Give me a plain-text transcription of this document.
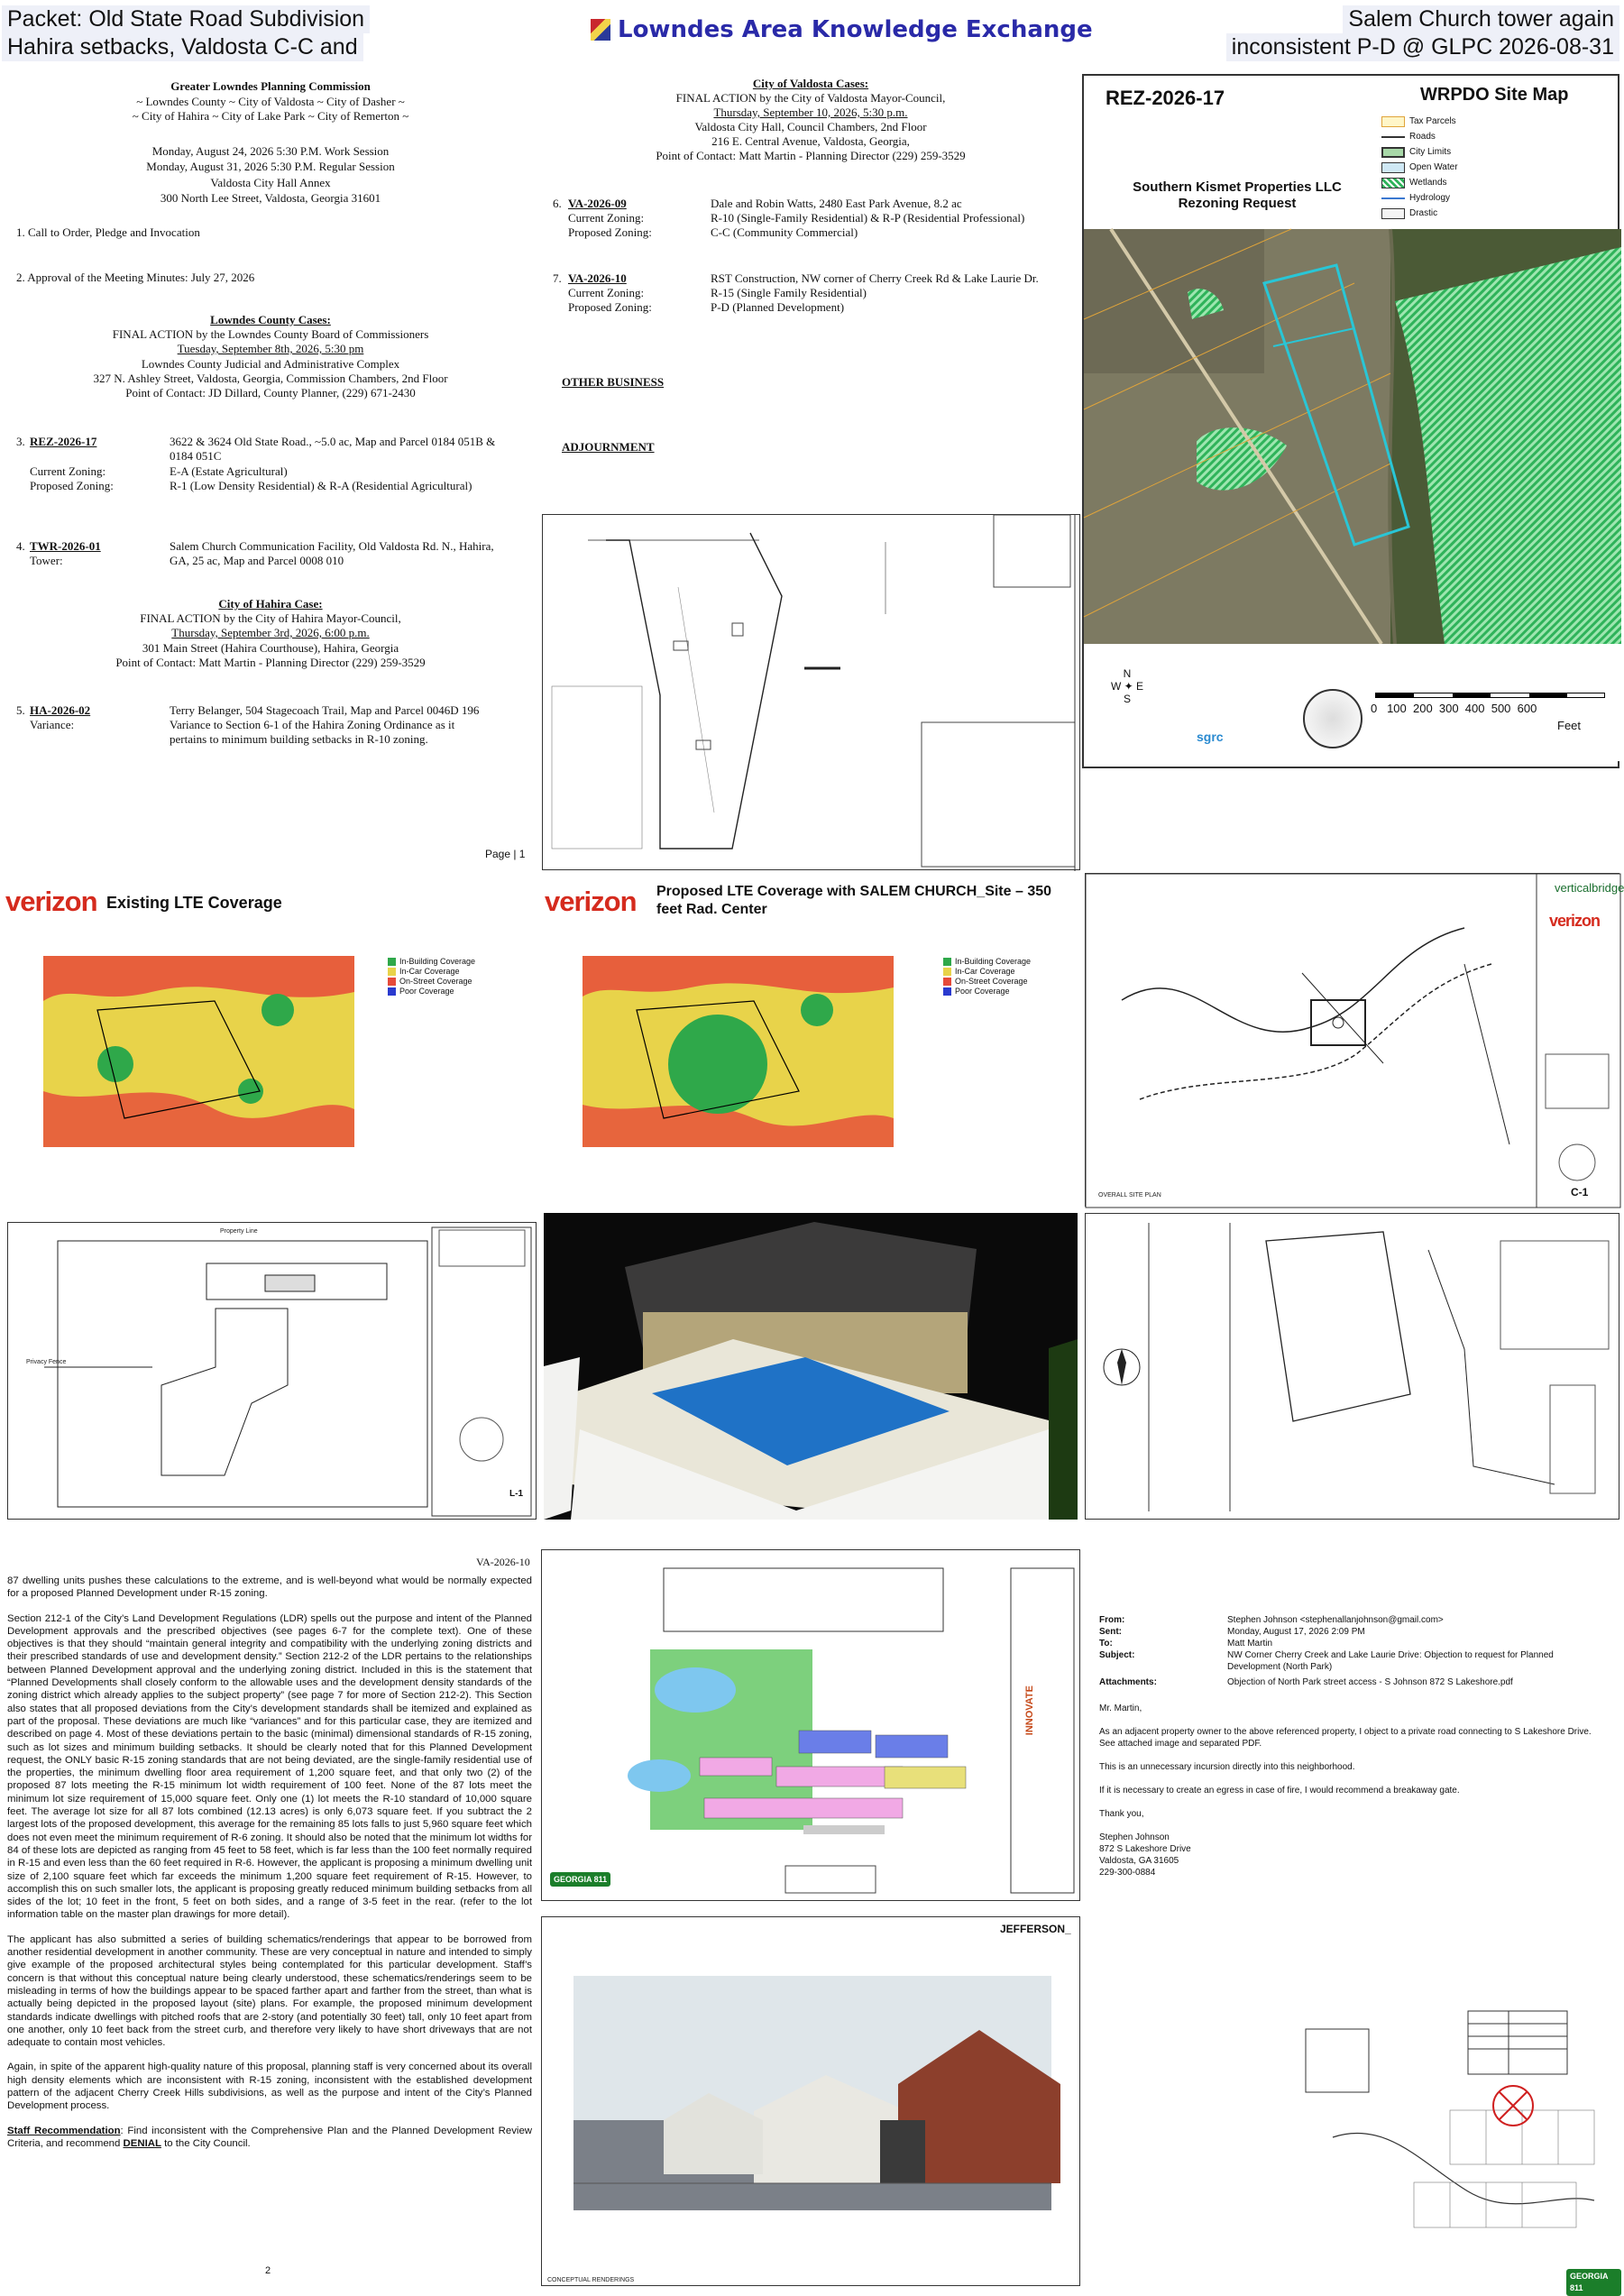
Packet: Old State Road Subdivision
Hahira setbacks, Valdosta C-C and
Lowndes Area Knowledge Exchange	Salem Church tower again
inconsistent P-D @ GLPC 2026-08-31
Greater Lowndes Planning Commission
~ Lowndes County ~ City of Valdosta ~ City of Dasher ~
~ City of Hahira ~ City of Lake Park ~ City of Remerton ~
Monday, August 24, 2026 5:30 P.M. Work Session
Monday, August 31, 2026 5:30 P.M. Regular Session
Valdosta City Hall Annex
300 North Lee Street, Valdosta, Georgia 31601
1. Call to Order, Pledge and Invocation
2. Approval of the Meeting Minutes: July 27, 2026
Lowndes County Cases:
FINAL ACTION by the Lowndes County Board of Commissioners
Tuesday, September 8th, 2026, 5:30 pm
Lowndes County Judicial and Administrative Complex
327 N. Ashley Street, Valdosta, Georgia, Commission Chambers, 2nd Floor
Point of Contact: JD Dillard, County Planner, (229) 671-2430
3. REZ-2026-17	3622 & 3624 Old State Road., ~5.0 ac, Map and Parcel 0184 051B &
0184 051C
Current Zoning:	E-A (Estate Agricultural)
Proposed Zoning:	R-1 (Low Density Residential) & R-A (Residential Agricultural)
4. TWR-2026-01	Salem Church Communication Facility, Old Valdosta Rd. N., Hahira,
Tower:	GA, 25 ac, Map and Parcel 0008 010
City of Hahira Case:
FINAL ACTION by the City of Hahira Mayor-Council,
Thursday, September 3rd, 2026, 6:00 p.m.
301 Main Street (Hahira Courthouse), Hahira, Georgia
Point of Contact: Matt Martin - Planning Director (229) 259-3529
5. HA-2026-02	Terry Belanger, 504 Stagecoach Trail, Map and Parcel 0046D 196
Variance:	Variance to Section 6-1 of the Hahira Zoning Ordinance as it
pertains to minimum building setbacks in R-10 zoning.
Page | 1
City of Valdosta Cases:
FINAL ACTION by the City of Valdosta Mayor-Council,
Thursday, September 10, 2026, 5:30 p.m.
Valdosta City Hall, Council Chambers, 2nd Floor
216 E. Central Avenue, Valdosta, Georgia,
Point of Contact: Matt Martin - Planning Director (229) 259-3529
6. VA-2026-09	Dale and Robin Watts, 2480 East Park Avenue, 8.2 ac
Current Zoning:	R-10 (Single-Family Residential) & R-P (Residential Professional)
Proposed Zoning:	C-C (Community Commercial)
7. VA-2026-10	RST Construction, NW corner of Cherry Creek Rd & Lake Laurie Dr.
Current Zoning:	R-15 (Single Family Residential)
Proposed Zoning:	P-D (Planned Development)
OTHER BUSINESS
ADJOURNMENT
REZ-2026-17	WRPDO Site Map
Southern Kismet Properties LLC
Rezoning Request
Tax Parcels
Roads
City Limits
Open Water
Wetlands
Hydrology
Drastic
N
W ✦ E
S
sgrc
0   100  200  300  400  500  600
Feet
verizon Existing LTE Coverage
In-Building Coverage
In-Car Coverage
On-Street Coverage
Poor Coverage
verizon Proposed LTE Coverage with SALEM CHURCH_Site – 350
feet Rad. Center
In-Building Coverage
In-Car Coverage
On-Street Coverage
Poor Coverage
verticalbridge
verizon
OVERALL SITE PLAN	C-1
Property Line
Privacy Fence
L-1
VA-2026-10

87 dwelling units pushes these calculations to the extreme, and is well-beyond what would be normally expected for a proposed Planned Development under R-15 zoning.

Section 212-1 of the City’s Land Development Regulations (LDR) spells out the purpose and intent of the Planned Development approvals and the prescribed objectives (see pages 6-7 for the complete text). One of these objectives is that they should “maintain general integrity and compatibility with the underlying zoning districts and their prescribed standards of use and development density.” Section 212-2 of the LDR pertains to the relationships between Planned Development approval and the underlying zoning district. Included in this is the statement that “Planned Developments shall closely conform to the allowable uses and the development density standards of the zoning district which already applies to the subject property” (see page 7 for more of Section 212-2). This Section also states that all proposed deviations from the City’s development standards shall be itemized and explained as part of the proposal. These deviations are much like “variances” and for this particular case, they are itemized and described on page 4. Most of these deviations pertain to the basic (minimal) dimensional standards of R-15 zoning, such as lot sizes and minimum building setbacks. It should be clearly noted that for this Planned Development request, the ONLY basic R-15 zoning standards that are not being deviated, are the single-family residential use of the properties, the minimum dwelling floor area requirement of 1,200 square feet, and that only two (2) of the proposed 87 lots meeting the R-15 minimum lot width requirement of 100 feet. None of the 87 lots meet the minimum lot size requirement of 15,000 square feet. Only one (1) lot meets the R-10 standard of 10,000 square feet. The average lot size for all 87 lots combined (12.13 acres) is only 6,073 square feet. If you subtract the 2 largest lots of the proposed development, this average for the remaining 85 lots falls to just 5,960 square feet which does not even meet the minimum requirement of R-6 zoning. It should also be noted that the minimum lot widths for 84 of these lots are depicted as ranging from 45 feet to 58 feet, which is far less than the 100 feet normally required in R-15 and even less than the 60 feet required in R-6. However, the applicant is proposing a minimum dwelling unit size of 2,100 square feet which far exceeds the minimum 1,200 square feet requirement of R-15. However, to accomplish this on such smaller lots, the applicant is proposing greatly reduced minimum building setbacks from all sides of the lot; 10 feet in the front, 5 feet on both sides, and a range of 3-5 feet in the rear. (refer to the lot information table on the master plan drawings for more detail).

The applicant has also submitted a series of building schematics/renderings that appear to be borrowed from another residential development in another community. These are very conceptual in nature and intended to simply give example of the proposed architectural styles being contemplated for this particular development. Staff’s concern is that without this conceptual nature being clearly understood, these schematics/renderings seem to be misleading in terms of how the buildings appear to be spaced farther apart and farther from the street, than what is actually being depicted in the proposed layout (site) plans. For example, the proposed minimum development standards indicate dwellings with pitched roofs that are 2-story (and potentially 30 feet) tall, only 10 feet apart from one another, only 10 feet back from the street curb, and therefore very likely to have short driveways that are not adequate to contain most vehicles.

Again, in spite of the apparent high-quality nature of this proposal, planning staff is very concerned about its overall high density elements which are inconsistent with R-15 zoning, inconsistent with the established development pattern of the adjacent Cherry Creek Hills subdivisions, as well as the purpose and intent of the City’s Planned Development process.

Staff Recommendation: Find inconsistent with the Comprehensive Plan and the Planned Development Review Criteria, and recommend DENIAL to the City Council.

2
INNOVATE
GEORGIA 811
JEFFERSON_
CONCEPTUAL RENDERINGS
From:	Stephen Johnson <stephenallanjohnson@gmail.com>
Sent:	Monday, August 17, 2026 2:09 PM
To:	Matt Martin
Subject:	NW Corner Cherry Creek and Lake Laurie Drive: Objection to request for Planned Development (North Park)
Attachments:	Objection of North Park street access - S Johnson 872 S Lakeshore.pdf

Mr. Martin,

As an adjacent property owner to the above referenced property, I object to a private road connecting to S Lakeshore Drive. See attached image and separated PDF.

This is an unnecessary incursion directly into this neighborhood.

If it is necessary to create an egress in case of fire, I would recommend a breakaway gate.

Thank you,

Stephen Johnson
872 S Lakeshore Drive
Valdosta, GA 31605
229-300-0884
GEORGIA 811
